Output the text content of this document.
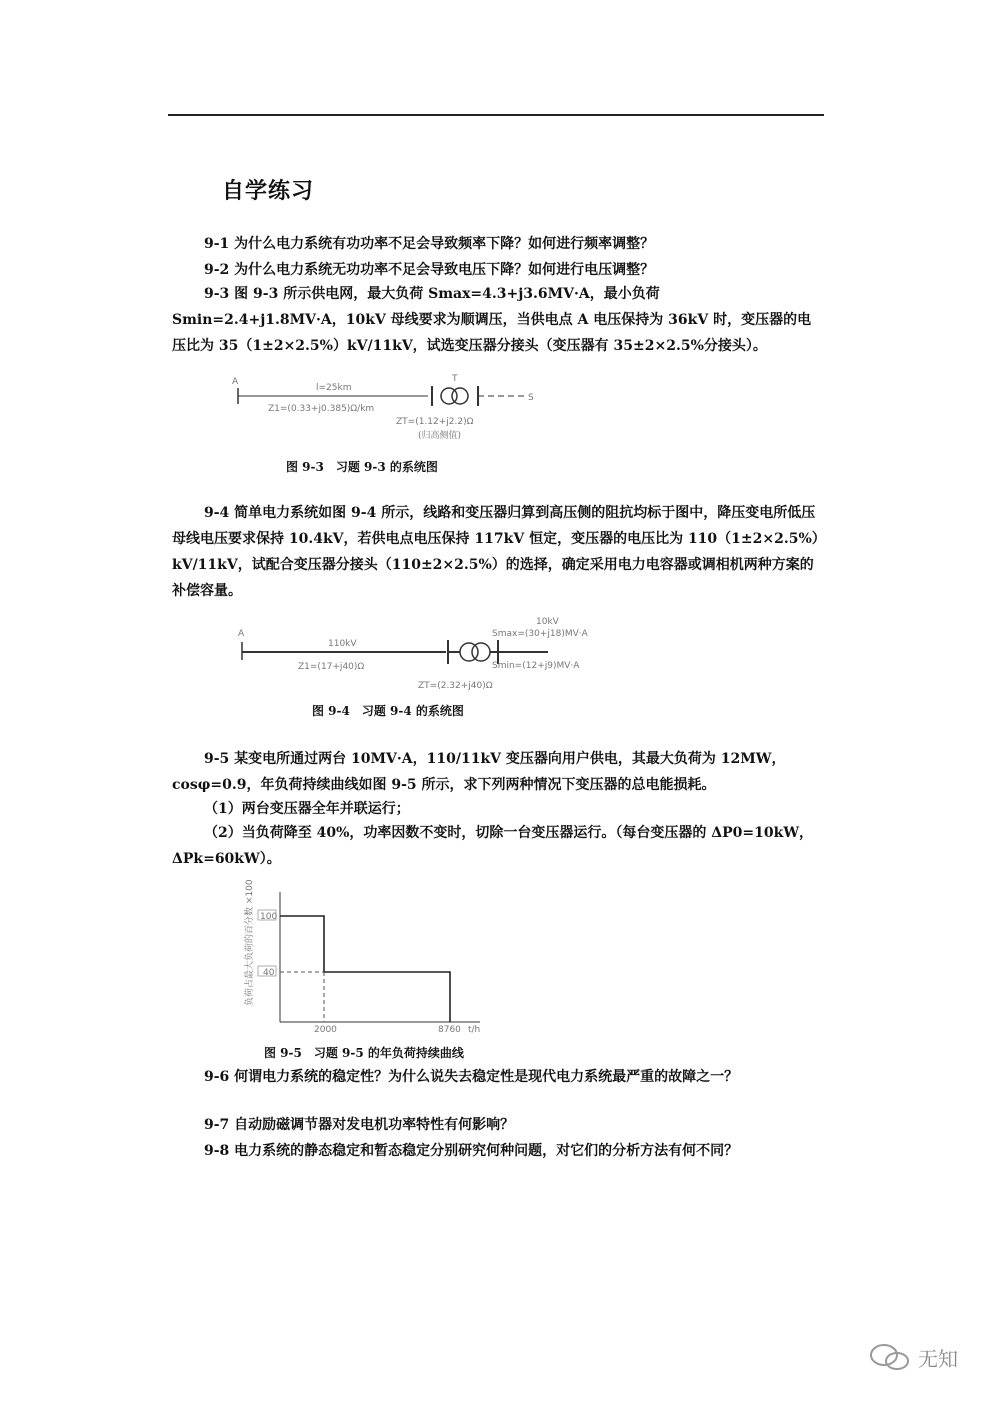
自学练习
9-1 为什么电力系统有功功率不足会导致频率下降？如何进行频率调整？
9-2 为什么电力系统无功功率不足会导致电压下降？如何进行电压调整？
9-3 图 9-3 所示供电网，最大负荷 Smax=4.3+j3.6MV·A，最小负荷 Smin=2.4+j1.8MV·A，10kV 母线要求为顺调压，当供电点 A 电压保持为 36kV 时，变压器的电压比为 35（1±2×2.5%）kV/11kV，试选变压器分接头（变压器有 35±2×2.5%分接头）。
A
l=25km
Z1=(0.33+j0.385)Ω/km
T
S
ZT=(1.12+j2.2)Ω
(归高侧值)
图 9-3　习题 9-3 的系统图
9-4 简单电力系统如图 9-4 所示，线路和变压器归算到高压侧的阻抗均标于图中，降压变电所低压母线电压要求保持 10.4kV，若供电点电压保持 117kV 恒定，变压器的电压比为 110（1±2×2.5%）kV/11kV，试配合变压器分接头（110±2×2.5%）的选择，确定采用电力电容器或调相机两种方案的补偿容量。
A
110kV
Z1=(17+j40)Ω
10kV
Smax=(30+j18)MV·A
Smin=(12+j9)MV·A
ZT=(2.32+j40)Ω
图 9-4　习题 9-4 的系统图
9-5 某变电所通过两台 10MV·A，110/11kV 变压器向用户供电，其最大负荷为 12MW，cosφ=0.9，年负荷持续曲线如图 9-5 所示，求下列两种情况下变压器的总电能损耗。
（1）两台变压器全年并联运行；
（2）当负荷降至 40%，功率因数不变时，切除一台变压器运行。（每台变压器的 ΔP0=10kW，ΔPk=60kW）。
负荷占最大负荷的百分数 ×100 100
40
2000	8760 t/h
图 9-5　习题 9-5 的年负荷持续曲线
9-6 何谓电力系统的稳定性？为什么说失去稳定性是现代电力系统最严重的故障之一？
9-7 自动励磁调节器对发电机功率特性有何影响？
9-8 电力系统的静态稳定和暂态稳定分别研究何种问题，对它们的分析方法有何不同？
无知
